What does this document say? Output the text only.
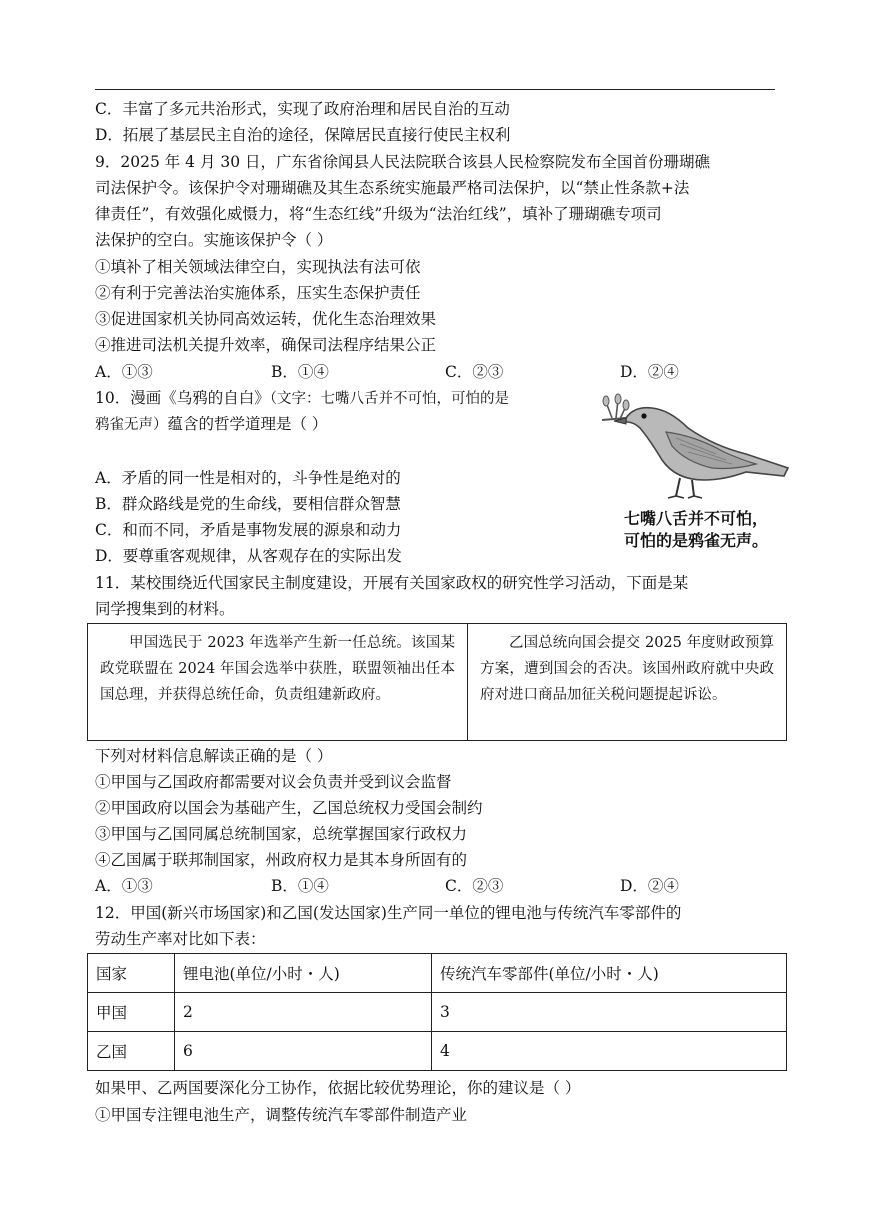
C．丰富了多元共治形式，实现了政府治理和居民自治的互动
D．拓展了基层民主自治的途径，保障居民直接行使民主权利
9．2025 年 4 月 30 日，广东省徐闻县人民法院联合该县人民检察院发布全国首份珊瑚礁
司法保护令。该保护令对珊瑚礁及其生态系统实施最严格司法保护，以“禁止性条款+法
律责任”，有效强化威慑力，将“生态红线”升级为“法治红线”，填补了珊瑚礁专项司
法保护的空白。实施该保护令（ ）
①填补了相关领域法律空白，实现执法有法可依
②有利于完善法治实施体系，压实生态保护责任
③促进国家机关协同高效运转，优化生态治理效果
④推进司法机关提升效率，确保司法程序结果公正
A．①③	B．①④	C．②③	D．②④
10．漫画《乌鸦的自白》（文字：七嘴八舌并不可怕，可怕的是
鸦雀无声）蕴含的哲学道理是（ ）
A．矛盾的同一性是相对的，斗争性是绝对的
B．群众路线是党的生命线，要相信群众智慧
C．和而不同，矛盾是事物发展的源泉和动力
D．要尊重客观规律，从客观存在的实际出发
七嘴八舌并不可怕，
可怕的是鸦雀无声。
11．某校围绕近代国家民主制度建设，开展有关国家政权的研究性学习活动，下面是某
同学搜集到的材料。

甲国选民于 2023 年选举产生新一任总统。该国某政党联盟在 2024 年国会选举中获胜，联盟领袖出任本国总理，并获得总统任命，负责组建新政府。

乙国总统向国会提交 2025 年度财政预算方案，遭到国会的否决。该国州政府就中央政府对进口商品加征关税问题提起诉讼。

下列对材料信息解读正确的是（ ）
①甲国与乙国政府都需要对议会负责并受到议会监督
②甲国政府以国会为基础产生，乙国总统权力受国会制约
③甲国与乙国同属总统制国家，总统掌握国家行政权力
④乙国属于联邦制国家，州政府权力是其本身所固有的
A．①③	B．①④	C．②③	D．②④
12．甲国(新兴市场国家)和乙国(发达国家)生产同一单位的锂电池与传统汽车零部件的
劳动生产率对比如下表：
国家	锂电池(单位/小时・人)	传统汽车零部件(单位/小时・人)
甲国	2	3
乙国	6	4
如果甲、乙两国要深化分工协作，依据比较优势理论，你的建议是（ ）
①甲国专注锂电池生产，调整传统汽车零部件制造产业
